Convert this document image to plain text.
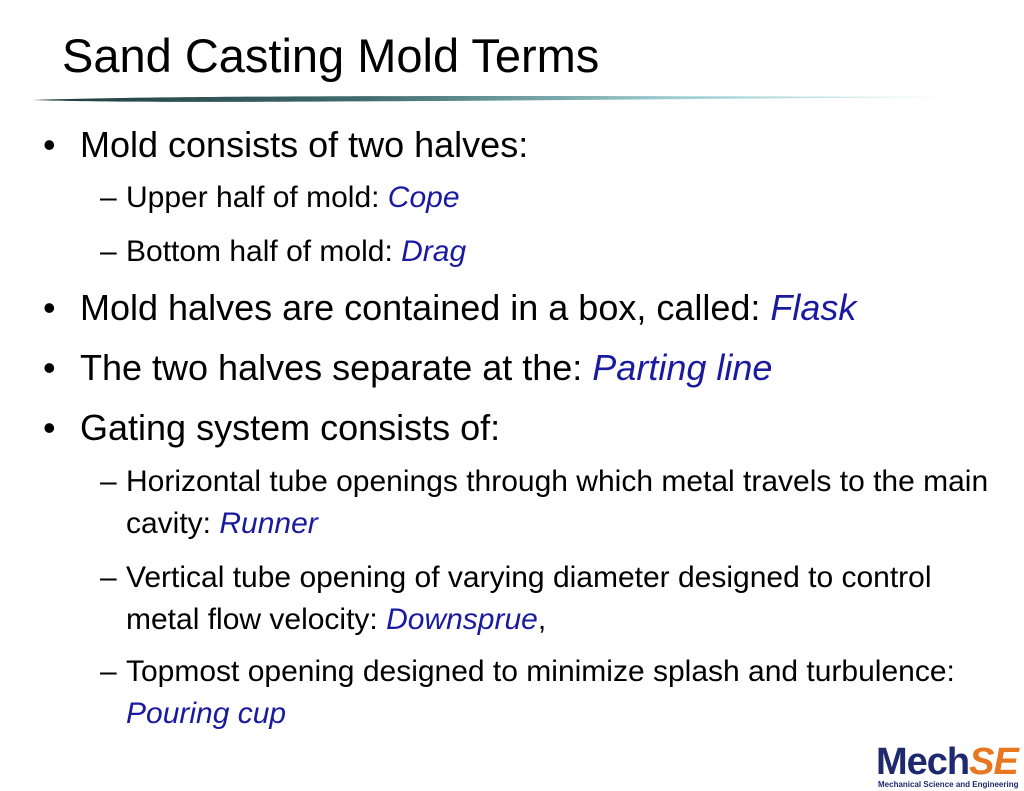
Sand Casting Mold Terms
• Mold consists of two halves:
– Upper half of mold: Cope
– Bottom half of mold: Drag
• Mold halves are contained in a box, called: Flask
• The two halves separate at the: Parting line
• Gating system consists of:
– Horizontal tube openings through which metal travels to the main cavity: Runner
– Vertical tube opening of varying diameter designed to control metal flow velocity: Downsprue,
– Topmost opening designed to minimize splash and turbulence: Pouring cup
MechSE
Mechanical Science and Engineering
